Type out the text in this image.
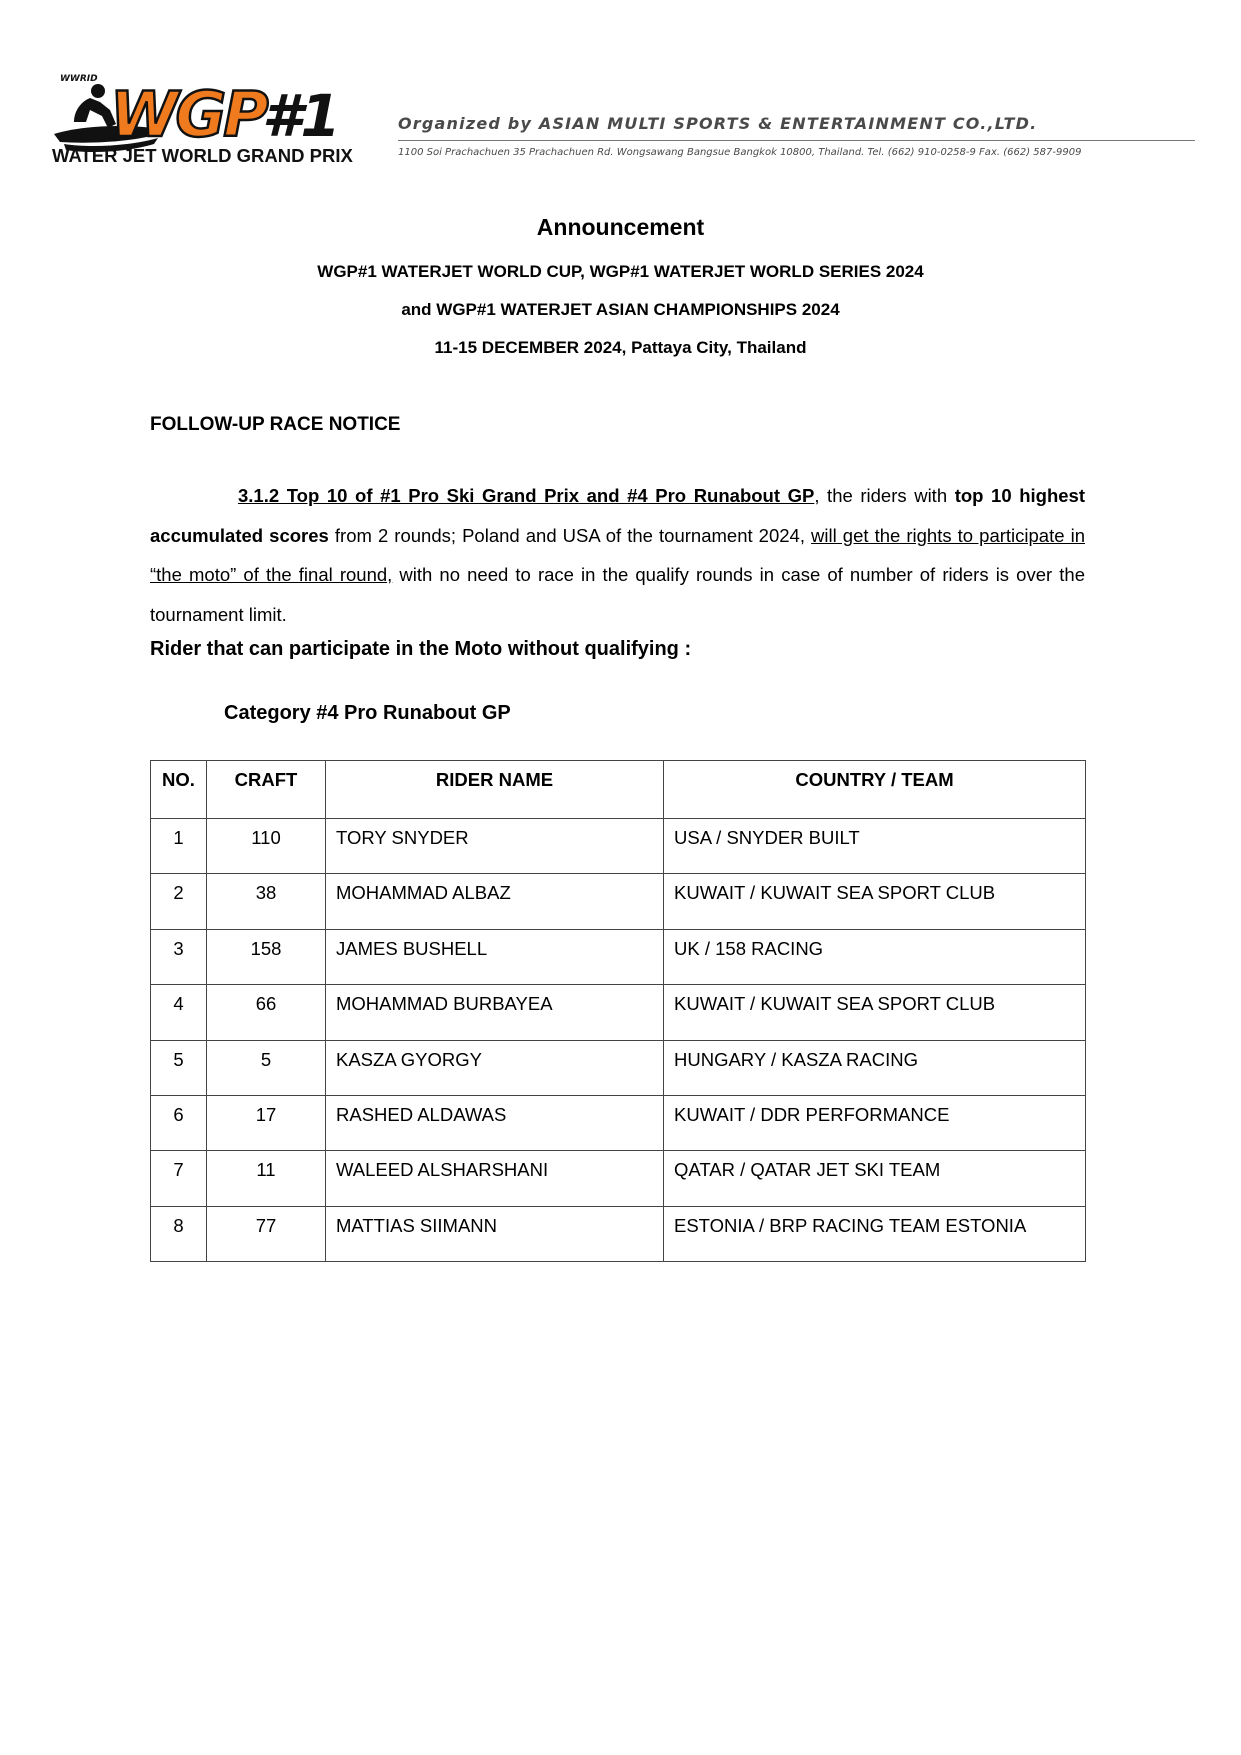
WWRID WGP
#1
WATER JET WORLD GRAND PRIX
Organized by ASIAN MULTI SPORTS & ENTERTAINMENT CO.,LTD.
1100 Soi Prachachuen 35 Prachachuen Rd. Wongsawang Bangsue Bangkok 10800, Thailand. Tel. (662) 910-0258-9 Fax. (662) 587-9909
Announcement
WGP#1 WATERJET WORLD CUP, WGP#1 WATERJET WORLD SERIES 2024
and WGP#1 WATERJET ASIAN CHAMPIONSHIPS 2024
11-15 DECEMBER 2024, Pattaya City, Thailand
FOLLOW-UP RACE NOTICE
3.1.2 Top 10 of #1 Pro Ski Grand Prix and #4 Pro Runabout GP, the riders with top 10 highest accumulated scores from 2 rounds; Poland and USA of the tournament 2024, will get the rights to participate in “the moto” of the final round, with no need to race in the qualify rounds in case of number of riders is over the tournament limit.
Rider that can participate in the Moto without qualifying :
Category #4 Pro Runabout GP
NO.	CRAFT	RIDER NAME	COUNTRY / TEAM
1	110	TORY SNYDER	USA / SNYDER BUILT
2	38	MOHAMMAD ALBAZ	KUWAIT / KUWAIT SEA SPORT CLUB
3	158	JAMES BUSHELL	UK / 158 RACING
4	66	MOHAMMAD BURBAYEA	KUWAIT / KUWAIT SEA SPORT CLUB
5	5	KASZA GYORGY	HUNGARY / KASZA RACING
6	17	RASHED ALDAWAS	KUWAIT / DDR PERFORMANCE
7	11	WALEED ALSHARSHANI	QATAR / QATAR JET SKI TEAM
8	77	MATTIAS SIIMANN	ESTONIA / BRP RACING TEAM ESTONIA
